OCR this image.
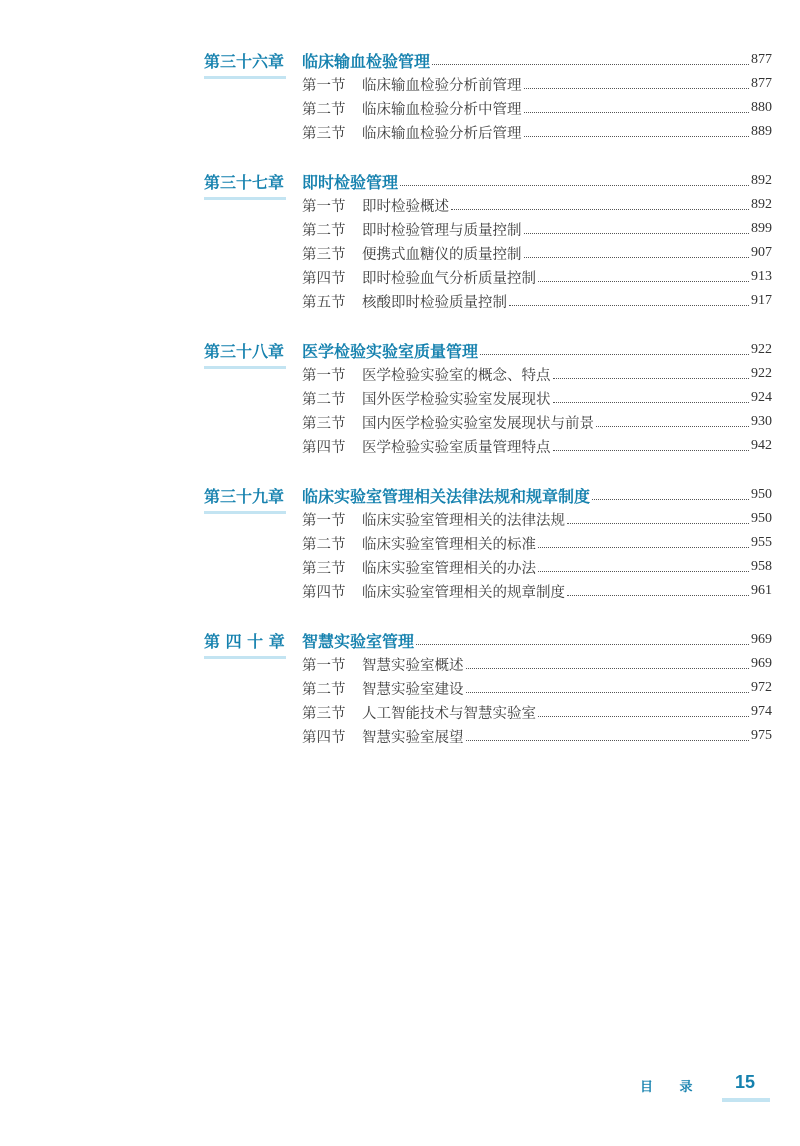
第三十六章	临床输血检验管理	877
第一节	临床输血检验分析前管理	877
第二节	临床输血检验分析中管理	880
第三节	临床输血检验分析后管理	889
第三十七章	即时检验管理	892
第一节	即时检验概述	892
第二节	即时检验管理与质量控制	899
第三节	便携式血糖仪的质量控制	907
第四节	即时检验血气分析质量控制	913
第五节	核酸即时检验质量控制	917
第三十八章	医学检验实验室质量管理	922
第一节	医学检验实验室的概念、特点	922
第二节	国外医学检验实验室发展现状	924
第三节	国内医学检验实验室发展现状与前景	930
第四节	医学检验实验室质量管理特点	942
第三十九章	临床实验室管理相关法律法规和规章制度	950
第一节	临床实验室管理相关的法律法规	950
第二节	临床实验室管理相关的标准	955
第三节	临床实验室管理相关的办法	958
第四节	临床实验室管理相关的规章制度	961
第 四 十 章	智慧实验室管理	969
第一节	智慧实验室概述	969
第二节	智慧实验室建设	972
第三节	人工智能技术与智慧实验室	974
第四节	智慧实验室展望	975
目 录 15
